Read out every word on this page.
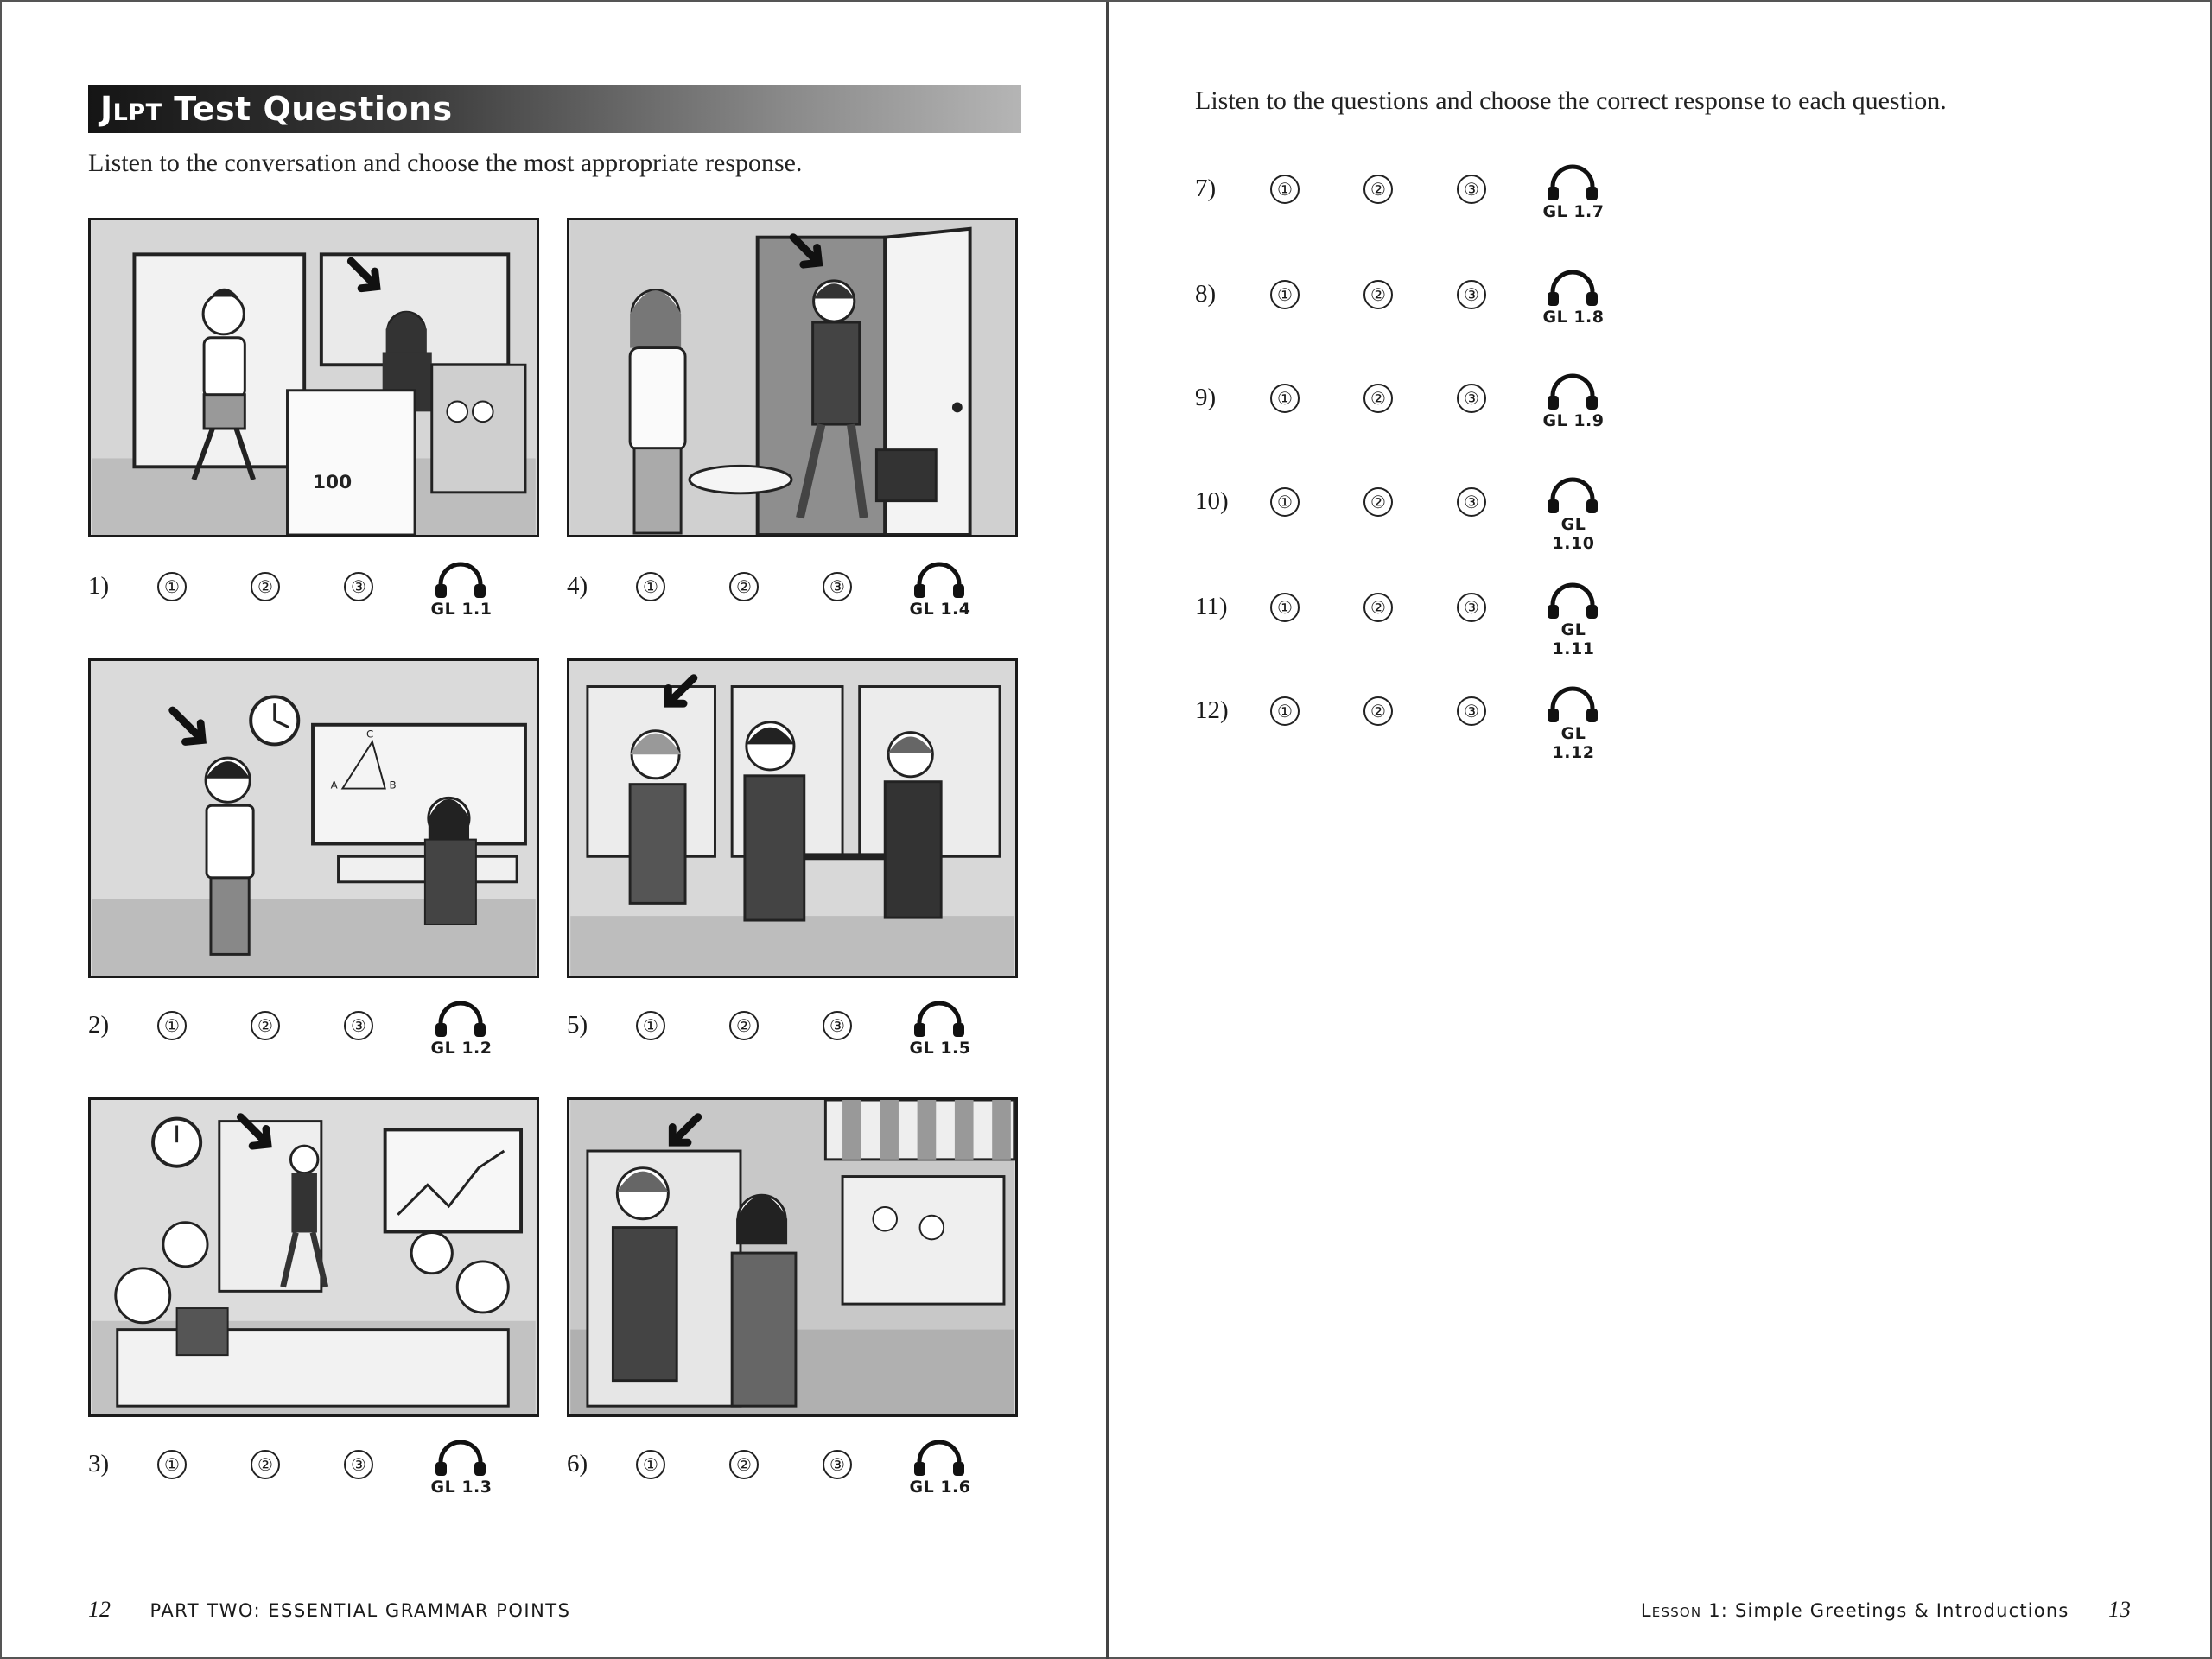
Jlpt Test Questions
Listen to the conversation and choose the most appropriate response.
100
A	B
C
1)	①	②	③
GL 1.1
2)	①	②	③
GL 1.2
3)	①	②	③
GL 1.3
4)	①	②	③
GL 1.4
5)	①	②	③
GL 1.5
6)	①	②	③
GL 1.6
12 PART TWO: ESSENTIAL GRAMMAR POINTS
Listen to the questions and choose the correct response to each question.
7)	①	②	③
GL 1.7
8)	①	②	③
GL 1.8
9)	①	②	③
GL 1.9
10)	①	②	③
GL 1.10
11)	①	②	③
GL 1.11
12)	①	②	③
GL 1.12
Lesson 1: Simple Greetings & Introductions 13
